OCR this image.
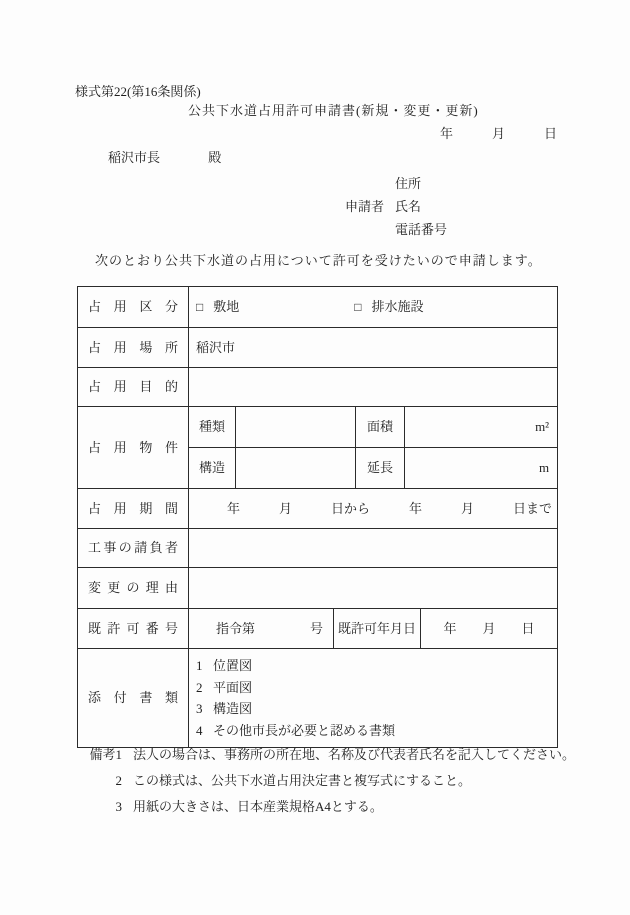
様式第22(第16条関係)
公共下水道占用許可申請書(新規・変更・更新)
年　　　月　　　日
稲沢市長	殿
申請者
住所
氏名
電話番号
次のとおり公共下水道の占用について許可を受けたいので申請します。
占用区分	□ 敷地 □ 排水施設					
占用場所	稲沢市					
占用目的						
占用物件	種類			面積	m²	
	構造			延長	m	
占用期間	年　　　月　　　日から　　　年　　　月　　　日まで					
工事の請負者						
変更の理由						
既許可番号	指令第 号		既許可年月日			年　　月　　日
添付書類	
1 位置図
2 平面図
3 構造図
4 その他市長が必要と認める書類
備考1 法人の場合は、事務所の所在地、名称及び代表者氏名を記入してください。
2 この様式は、公共下水道占用決定書と複写式にすること。
3 用紙の大きさは、日本産業規格A4とする。
